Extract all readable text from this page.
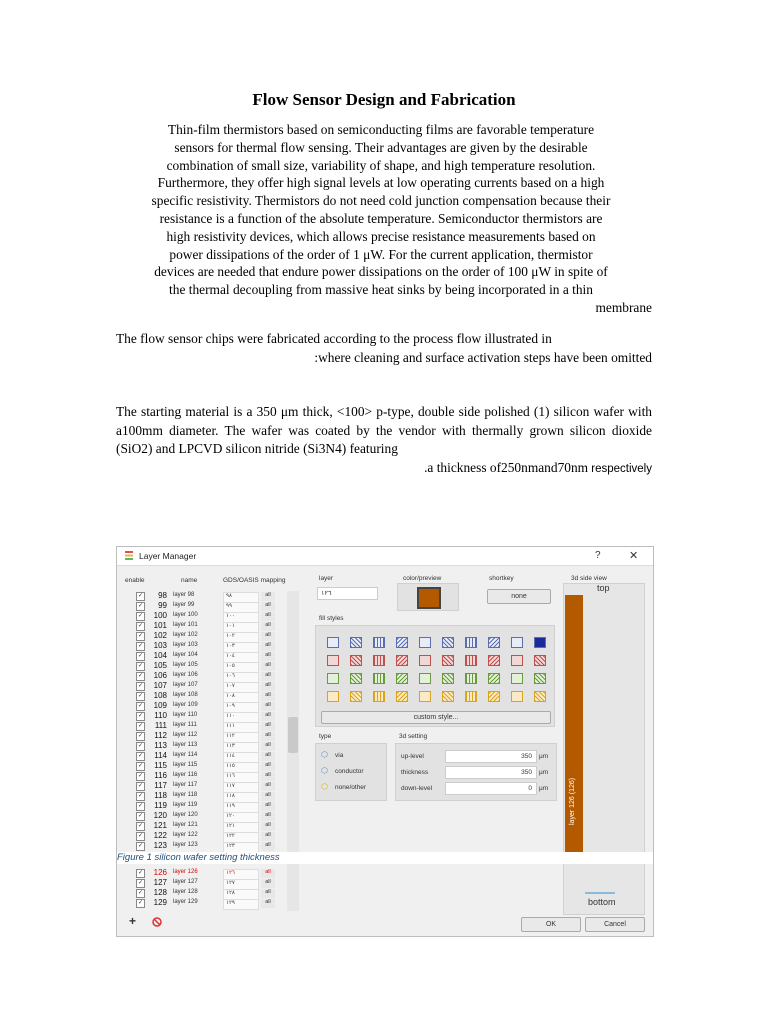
Flow Sensor Design and Fabrication
Thin-film thermistors based on semiconducting films are favorable temperature
sensors for thermal flow sensing. Their advantages are given by the desirable
combination of small size, variability of shape, and high temperature resolution.
Furthermore, they offer high signal levels at low operating currents based on a high
specific resistivity. Thermistors do not need cold junction compensation because their
resistance is a function of the absolute temperature. Semiconductor thermistors are
high resistivity devices, which allows precise resistance measurements based on
power dissipations of the order of 1 μW. For the current application, thermistor
devices are needed that endure power dissipations on the order of 100 μW in spite of
the thermal decoupling from massive heat sinks by being incorporated in a thin
membrane
The flow sensor chips were fabricated according to the process flow illustrated in
:where cleaning and surface activation steps have been omitted
The starting material is a 350 μm thick, <100> p-type, double side polished (1) silicon wafer with a100mm diameter. The wafer was coated by the vendor with thermally grown silicon dioxide (SiO2) and LPCVD silicon nitride (Si3N4) featuring
.a thickness of250nmand70nm respectively
Layer Manager	?	✕
enable	name	GDS/OASIS mapping
✓	98 layer 98	٩٨	all
✓	99 layer 99	٩٩	all
✓	100 layer 100	١٠٠	all
✓	101 layer 101	١٠١	all
✓	102 layer 102	١٠٢	all
✓	103 layer 103	١٠٣	all
✓	104 layer 104	١٠٤	all
✓	105 layer 105	١٠٥	all
✓	106 layer 106	١٠٦	all
✓	107 layer 107	١٠٧	all
✓	108 layer 108	١٠٨	all
✓	109 layer 109	١٠٩	all
✓	110 layer 110	١١٠	all
✓	111 layer 111	١١١	all
✓	112 layer 112	١١٢	all
✓	113 layer 113	١١٣	all
✓	114 layer 114	١١٤	all
✓	115 layer 115	١١٥	all
✓	116 layer 116	١١٦	all
✓	117 layer 117	١١٧	all
✓	118 layer 118	١١٨	all
✓	119 layer 119	١١٩	all
✓	120 layer 120	١٢٠	all
✓	121 layer 121	١٢١	all
✓	122 layer 122	١٢٢	all
✓	123 layer 123	١٢٣	all
layer
١٢٦
color/preview	shortkey
none
fill styles
custom style...
type
⬡ via
⬡ conductor
⬡ none/other
3d setting
up-level	350	μm
thickness	350	μm
down-level	0	μm
3d side view
top
layer 126 (126)
bottom
Figure 1 silicon wafer setting thickness
✓	126 layer 126	١٢٦	all
✓	127 layer 127	١٢٧	all
✓	128 layer 128	١٢٨	all
✓	129 layer 129	١٢٩	all
+	OK	Cancel
